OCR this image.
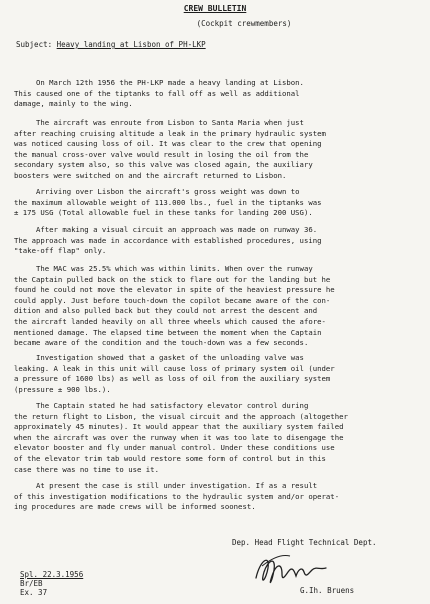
CREW BULLETIN
(Cockpit crewmembers)
Subject: Heavy landing at Lisbon of PH-LKP
On March 12th 1956 the PH-LKP made a heavy landing at Lisbon.
This caused one of the tiptanks to fall off as well as additional
damage, mainly to the wing.
The aircraft was enroute from Lisbon to Santa Maria when just
after reaching cruising altitude a leak in the primary hydraulic system
was noticed causing loss of oil. It was clear to the crew that opening
the manual cross-over valve would result in losing the oil from the
secondary system also, so this valve was closed again, the auxiliary
boosters were switched on and the aircraft returned to Lisbon.
Arriving over Lisbon the aircraft's gross weight was down to
the maximum allowable weight of 113.000 lbs., fuel in the tiptanks was
± 175 USG (Total allowable fuel in these tanks for landing 200 USG).
After making a visual circuit an approach was made on runway 36.
The approach was made in accordance with established procedures, using
"take-off flap" only.
The MAC was 25.5% which was within limits. When over the runway
the Captain pulled back on the stick to flare out for the landing but he
found he could not move the elevator in spite of the heaviest pressure he
could apply. Just before touch-down the copilot became aware of the con-
dition and also pulled back but they could not arrest the descent and
the aircraft landed heavily on all three wheels which caused the afore-
mentioned damage. The elapsed time between the moment when the Captain
became aware of the condition and the touch-down was a few seconds.
Investigation showed that a gasket of the unloading valve was
leaking. A leak in this unit will cause loss of primary system oil (under
a pressure of 1600 lbs) as well as loss of oil from the auxiliary system
(pressure ± 900 lbs.).
The Captain stated he had satisfactory elevator control during
the return flight to Lisbon, the visual circuit and the approach (altogether
approximately 45 minutes). It would appear that the auxiliary system failed
when the aircraft was over the runway when it was too late to disengage the
elevator booster and fly under manual control. Under these conditions use
of the elevator trim tab would restore some form of control but in this
case there was no time to use it.
At present the case is still under investigation. If as a result
of this investigation modifications to the hydraulic system and/or operat-
ing procedures are made crews will be informed soonest.
Dep. Head Flight Technical Dept.
Spl. 22.3.1956
Br/EB
Ex. 37	G.Ih. Bruens
